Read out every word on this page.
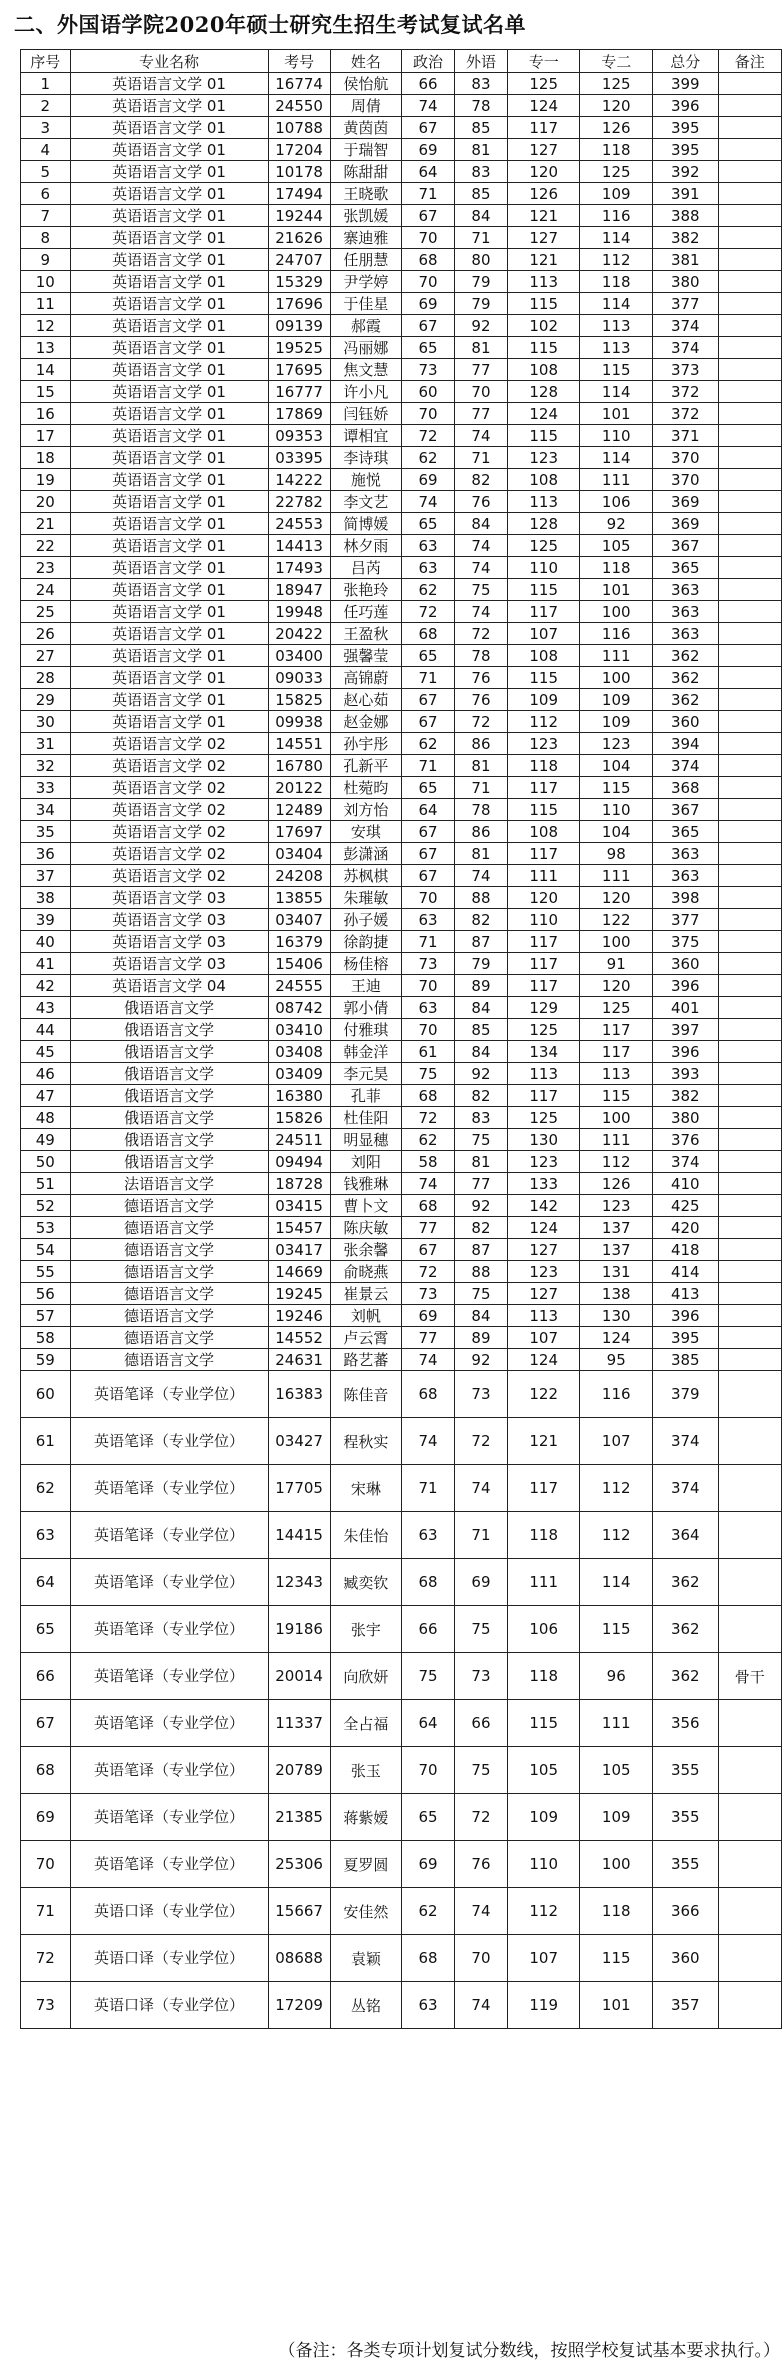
二、外国语学院2020年硕士研究生招生考试复试名单
序号	专业名称	考号	姓名	政治	外语	专一	专二	总分	备注
1	英语语言文学 01	16774	侯怡航	66	83	125	125	399	
2	英语语言文学 01	24550	周倩	74	78	124	120	396	
3	英语语言文学 01	10788	黄茵茵	67	85	117	126	395	
4	英语语言文学 01	17204	于瑞智	69	81	127	118	395	
5	英语语言文学 01	10178	陈甜甜	64	83	120	125	392	
6	英语语言文学 01	17494	王晓歌	71	85	126	109	391	
7	英语语言文学 01	19244	张凯媛	67	84	121	116	388	
8	英语语言文学 01	21626	寨迪雅	70	71	127	114	382	
9	英语语言文学 01	24707	任朋慧	68	80	121	112	381	
10	英语语言文学 01	15329	尹学婷	70	79	113	118	380	
11	英语语言文学 01	17696	于佳星	69	79	115	114	377	
12	英语语言文学 01	09139	郝霞	67	92	102	113	374	
13	英语语言文学 01	19525	冯丽娜	65	81	115	113	374	
14	英语语言文学 01	17695	焦文慧	73	77	108	115	373	
15	英语语言文学 01	16777	许小凡	60	70	128	114	372	
16	英语语言文学 01	17869	闫钰娇	70	77	124	101	372	
17	英语语言文学 01	09353	谭相宜	72	74	115	110	371	
18	英语语言文学 01	03395	李诗琪	62	71	123	114	370	
19	英语语言文学 01	14222	施悦	69	82	108	111	370	
20	英语语言文学 01	22782	李文艺	74	76	113	106	369	
21	英语语言文学 01	24553	简博媛	65	84	128	92	369	
22	英语语言文学 01	14413	林夕雨	63	74	125	105	367	
23	英语语言文学 01	17493	吕芮	63	74	110	118	365	
24	英语语言文学 01	18947	张艳玲	62	75	115	101	363	
25	英语语言文学 01	19948	任巧莲	72	74	117	100	363	
26	英语语言文学 01	20422	王盈秋	68	72	107	116	363	
27	英语语言文学 01	03400	强馨莹	65	78	108	111	362	
28	英语语言文学 01	09033	高锦蔚	71	76	115	100	362	
29	英语语言文学 01	15825	赵心茹	67	76	109	109	362	
30	英语语言文学 01	09938	赵金娜	67	72	112	109	360	
31	英语语言文学 02	14551	孙宇彤	62	86	123	123	394	
32	英语语言文学 02	16780	孔新平	71	81	118	104	374	
33	英语语言文学 02	20122	杜菀昀	65	71	117	115	368	
34	英语语言文学 02	12489	刘方怡	64	78	115	110	367	
35	英语语言文学 02	17697	安琪	67	86	108	104	365	
36	英语语言文学 02	03404	彭潇涵	67	81	117	98	363	
37	英语语言文学 02	24208	苏枫棋	67	74	111	111	363	
38	英语语言文学 03	13855	朱璀敏	70	88	120	120	398	
39	英语语言文学 03	03407	孙子媛	63	82	110	122	377	
40	英语语言文学 03	16379	徐韵捷	71	87	117	100	375	
41	英语语言文学 03	15406	杨佳榕	73	79	117	91	360	
42	英语语言文学 04	24555	王迪	70	89	117	120	396	
43	俄语语言文学	08742	郭小倩	63	84	129	125	401	
44	俄语语言文学	03410	付雅琪	70	85	125	117	397	
45	俄语语言文学	03408	韩金洋	61	84	134	117	396	
46	俄语语言文学	03409	李元昊	75	92	113	113	393	
47	俄语语言文学	16380	孔菲	68	82	117	115	382	
48	俄语语言文学	15826	杜佳阳	72	83	125	100	380	
49	俄语语言文学	24511	明显穗	62	75	130	111	376	
50	俄语语言文学	09494	刘阳	58	81	123	112	374	
51	法语语言文学	18728	钱雅琳	74	77	133	126	410	
52	德语语言文学	03415	曹卜文	68	92	142	123	425	
53	德语语言文学	15457	陈庆敏	77	82	124	137	420	
54	德语语言文学	03417	张余馨	67	87	127	137	418	
55	德语语言文学	14669	俞晓燕	72	88	123	131	414	
56	德语语言文学	19245	崔景云	73	75	127	138	413	
57	德语语言文学	19246	刘帆	69	84	113	130	396	
58	德语语言文学	14552	卢云霄	77	89	107	124	395	
59	德语语言文学	24631	路艺蕃	74	92	124	95	385	
60	英语笔译（专业学位）	16383	陈佳音	68	73	122	116	379	
61	英语笔译（专业学位）	03427	程秋实	74	72	121	107	374	
62	英语笔译（专业学位）	17705	宋琳	71	74	117	112	374	
63	英语笔译（专业学位）	14415	朱佳怡	63	71	118	112	364	
64	英语笔译（专业学位）	12343	臧奕钦	68	69	111	114	362	
65	英语笔译（专业学位）	19186	张宇	66	75	106	115	362	
66	英语笔译（专业学位）	20014	向欣妍	75	73	118	96	362	骨干
67	英语笔译（专业学位）	11337	全占福	64	66	115	111	356	
68	英语笔译（专业学位）	20789	张玉	70	75	105	105	355	
69	英语笔译（专业学位）	21385	蒋紫嫒	65	72	109	109	355	
70	英语笔译（专业学位）	25306	夏罗圆	69	76	110	100	355	
71	英语口译（专业学位）	15667	安佳然	62	74	112	118	366	
72	英语口译（专业学位）	08688	袁颖	68	70	107	115	360	
73	英语口译（专业学位）	17209	丛铭	63	74	119	101	357	
（备注：各类专项计划复试分数线，按照学校复试基本要求执行。）
